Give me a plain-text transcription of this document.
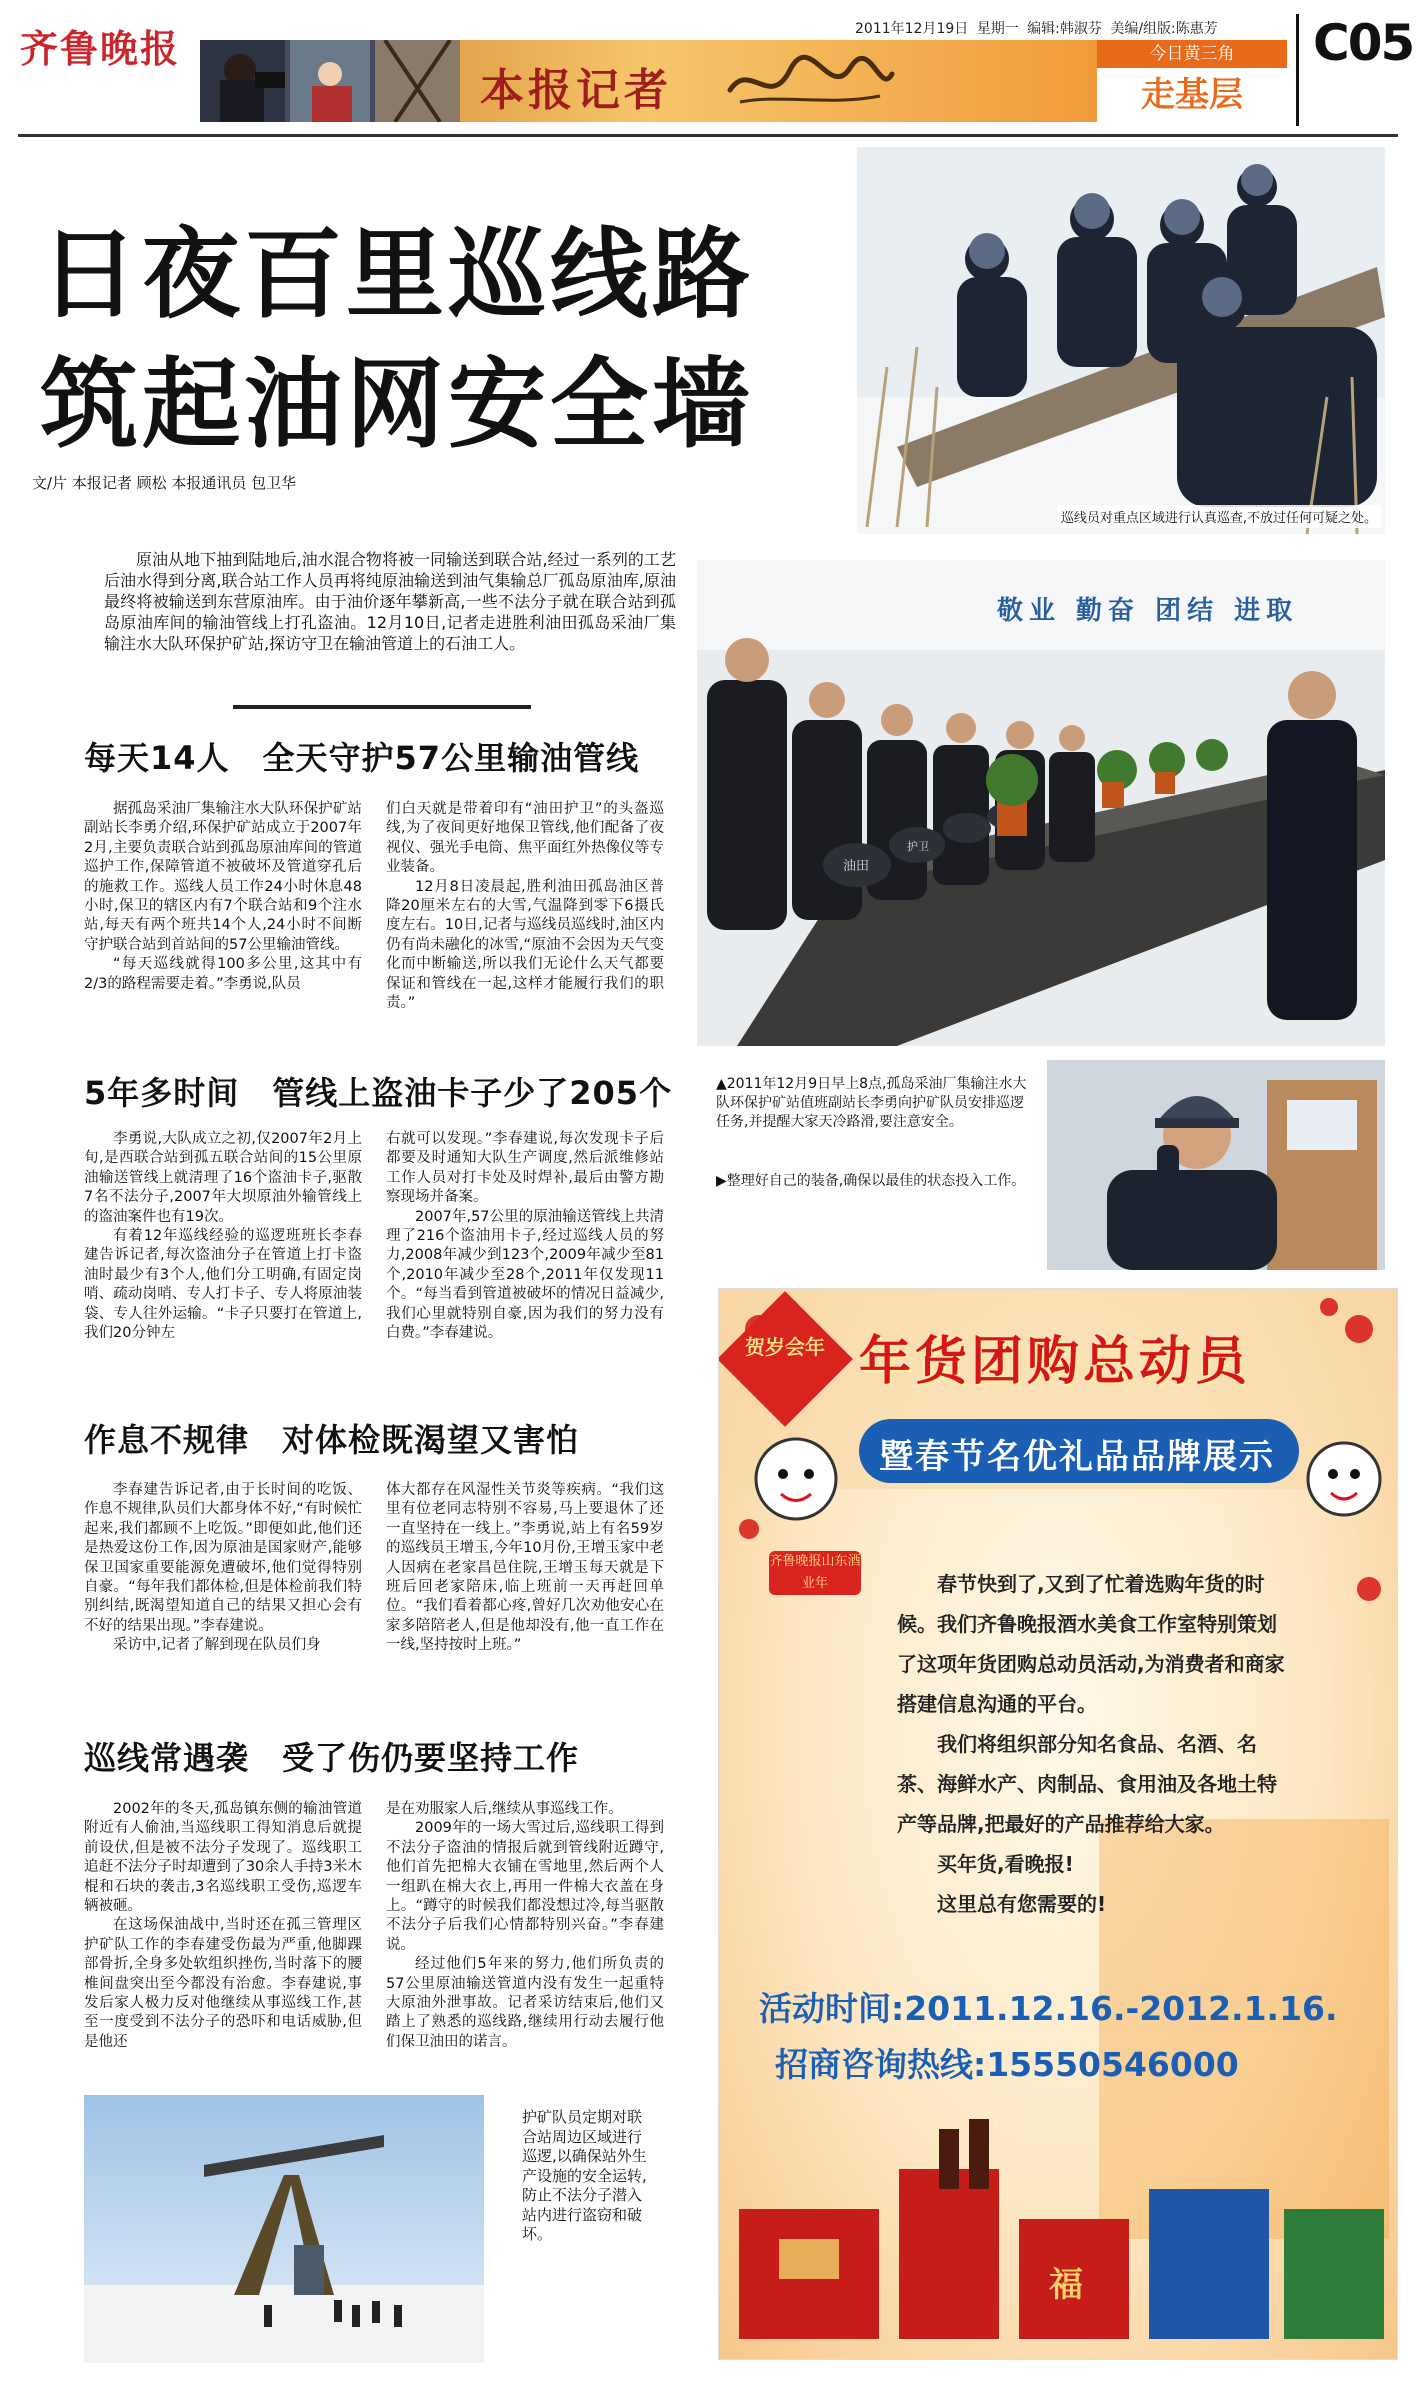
齐鲁晚报
本报记者
2011年12月19日 星期一 编辑:韩淑芬 美编/组版:陈惠芳
今日黄三角
走基层
C05
日夜百里巡线路
筑起油网安全墙
文/片 本报记者 顾松 本报通讯员 包卫华
原油从地下抽到陆地后,油水混合物将被一同输送到联合站,经过一系列的工艺后油水得到分离,联合站工作人员再将纯原油输送到油气集输总厂孤岛原油库,原油最终将被输送到东营原油库。由于油价逐年攀新高,一些不法分子就在联合站到孤岛原油库间的输油管线上打孔盗油。12月10日,记者走进胜利油田孤岛采油厂集输注水大队环保护矿站,探访守卫在输油管道上的石油工人。
巡线员对重点区域进行认真巡查,不放过任何可疑之处。
油田
护卫
敬业 勤奋 团结 进取
▲2011年12月9日早上8点,孤岛采油厂集输注水大队环保护矿站值班副站长李勇向护矿队员安排巡逻任务,并提醒大家天冷路滑,要注意安全。
▶整理好自己的装备,确保以最佳的状态投入工作。
每天14人　全天守护57公里输油管线

据孤岛采油厂集输注水大队环保护矿站副站长李勇介绍,环保护矿站成立于2007年2月,主要负责联合站到孤岛原油库间的管道巡护工作,保障管道不被破坏及管道穿孔后的施救工作。巡线人员工作24小时休息48小时,保卫的辖区内有7个联合站和9个注水站,每天有两个班共14个人,24小时不间断守护联合站到首站间的57公里输油管线。

“每天巡线就得100多公里,这其中有2/3的路程需要走着。”李勇说,队员

们白天就是带着印有“油田护卫”的头盔巡线,为了夜间更好地保卫管线,他们配备了夜视仪、强光手电筒、焦平面红外热像仪等专业装备。

12月8日凌晨起,胜利油田孤岛油区普降20厘米左右的大雪,气温降到零下6摄氏度左右。10日,记者与巡线员巡线时,油区内仍有尚未融化的冰雪,“原油不会因为天气变化而中断输送,所以我们无论什么天气都要保证和管线在一起,这样才能履行我们的职责。”

5年多时间　管线上盗油卡子少了205个

李勇说,大队成立之初,仅2007年2月上旬,是西联合站到孤五联合站间的15公里原油输送管线上就清理了16个盗油卡子,驱散7名不法分子,2007年大坝原油外输管线上的盗油案件也有19次。

有着12年巡线经验的巡逻班班长李春建告诉记者,每次盗油分子在管道上打卡盗油时最少有3个人,他们分工明确,有固定岗哨、疏动岗哨、专人打卡子、专人将原油装袋、专人往外运输。“卡子只要打在管道上,我们20分钟左

右就可以发现。”李春建说,每次发现卡子后都要及时通知大队生产调度,然后派维修站工作人员对打卡处及时焊补,最后由警方勘察现场并备案。

2007年,57公里的原油输送管线上共清理了216个盗油用卡子,经过巡线人员的努力,2008年减少到123个,2009年减少至81个,2010年减少至28个,2011年仅发现11个。“每当看到管道被破坏的情况日益减少,我们心里就特别自豪,因为我们的努力没有白费。”李春建说。

作息不规律　对体检既渴望又害怕

李春建告诉记者,由于长时间的吃饭、作息不规律,队员们大都身体不好,“有时候忙起来,我们都顾不上吃饭。”即便如此,他们还是热爱这份工作,因为原油是国家财产,能够保卫国家重要能源免遭破坏,他们觉得特别自豪。“每年我们都体检,但是体检前我们特别纠结,既渴望知道自己的结果又担心会有不好的结果出现。”李春建说。

采访中,记者了解到现在队员们身

体大都存在风湿性关节炎等疾病。“我们这里有位老同志特别不容易,马上要退休了还一直坚持在一线上。”李勇说,站上有名59岁的巡线员王增玉,今年10月份,王增玉家中老人因病在老家昌邑住院,王增玉每天就是下班后回老家陪床,临上班前一天再赶回单位。“我们看着都心疼,曾好几次劝他安心在家多陪陪老人,但是他却没有,他一直工作在一线,坚持按时上班。”

巡线常遇袭　受了伤仍要坚持工作

2002年的冬天,孤岛镇东侧的输油管道附近有人偷油,当巡线职工得知消息后就提前设伏,但是被不法分子发现了。巡线职工追赶不法分子时却遭到了30余人手持3米木棍和石块的袭击,3名巡线职工受伤,巡逻车辆被砸。

在这场保油战中,当时还在孤三管理区护矿队工作的李春建受伤最为严重,他脚踝部骨折,全身多处软组织挫伤,当时落下的腰椎间盘突出至今都没有治愈。李春建说,事发后家人极力反对他继续从事巡线工作,甚至一度受到不法分子的恐吓和电话威胁,但是他还

是在劝服家人后,继续从事巡线工作。

2009年的一场大雪过后,巡线职工得到不法分子盗油的情报后就到管线附近蹲守,他们首先把棉大衣铺在雪地里,然后两个人一组趴在棉大衣上,再用一件棉大衣盖在身上。“蹲守的时候我们都没想过冷,每当驱散不法分子后我们心情都特别兴奋。”李春建说。

经过他们5年来的努力,他们所负责的57公里原油输送管道内没有发生一起重特大原油外泄事故。记者采访结束后,他们又踏上了熟悉的巡线路,继续用行动去履行他们保卫油田的诺言。

护矿队员定期对联合站周边区域进行巡逻,以确保站外生产设施的安全运转,防止不法分子潜入站内进行盗窃和破坏。
贺岁会年 年货团购总动员
暨春节名优礼品品牌展示
齐鲁晚报山东酒业年	春节快到了,又到了忙着选购年货的时候。我们齐鲁晚报酒水美食工作室特别策划了这项年货团购总动员活动,为消费者和商家搭建信息沟通的平台。

我们将组织部分知名食品、名酒、名茶、海鲜水产、肉制品、食用油及各地土特产等品牌,把最好的产品推荐给大家。

买年货,看晚报!

这里总有您需要的!

活动时间:2011.12.16.-2012.1.16.
招商咨询热线:15550546000
福
